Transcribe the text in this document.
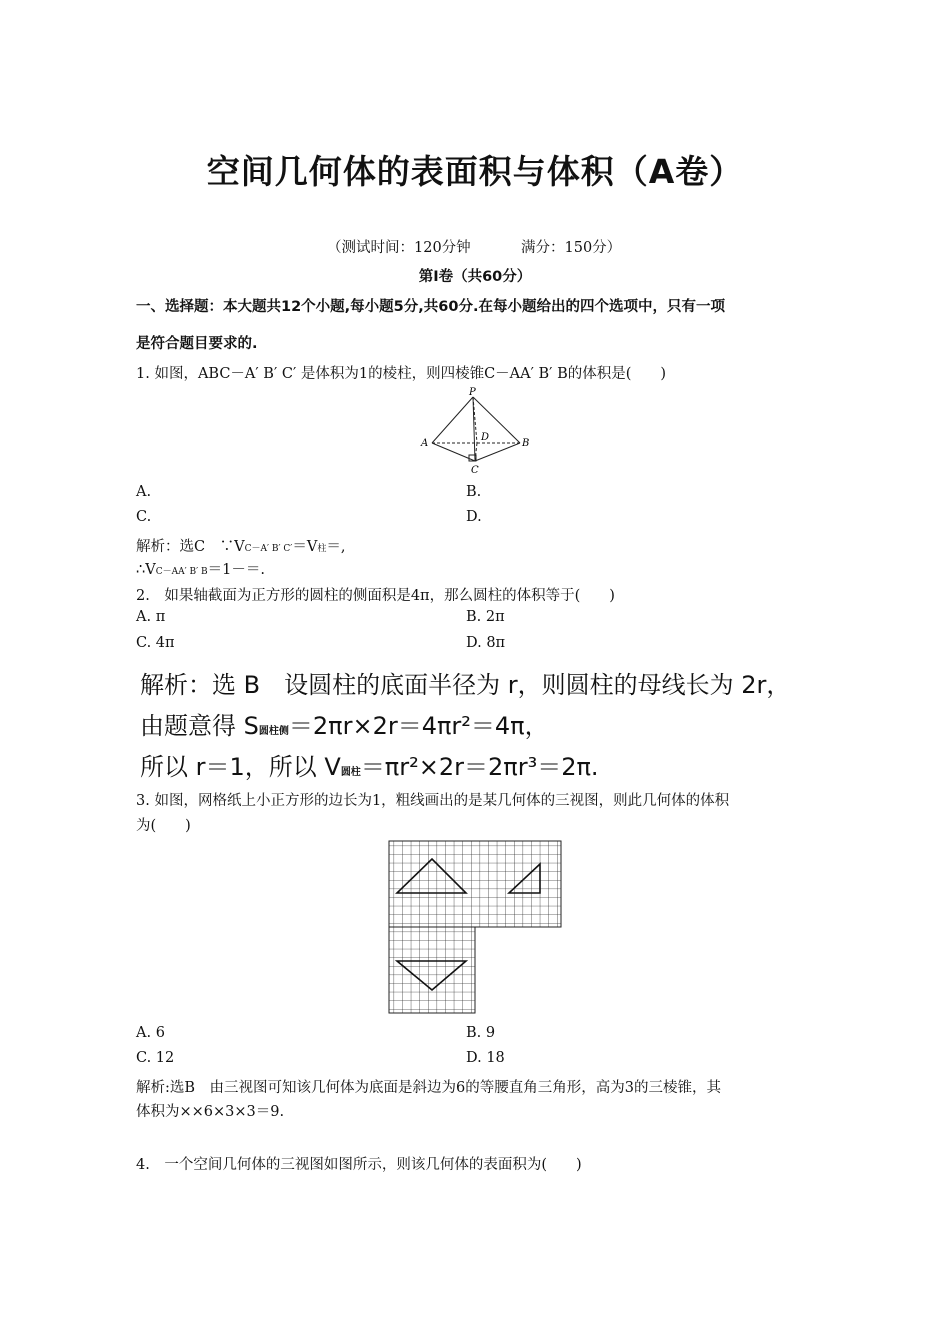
空间几何体的表面积与体积（A卷）
（测试时间：120分钟	满分：150分）
第Ⅰ卷（共60分）
一、选择题：本大题共12个小题,每小题5分,共60分.在每小题给出的四个选项中，只有一项
是符合题目要求的.
1. 如图，ABC－A′ B′ C′ 是体积为1的棱柱，则四棱锥C－AA′ B′ B的体积是(　　)
P
A	B
C
D
A.	B.
C.	D.
解析：选C　∵VC－A′ B′ C′＝V柱＝,
∴VC－AA′ B′ B＝1－＝.
2.　如果轴截面为正方形的圆柱的侧面积是4π，那么圆柱的体积等于(　　)
A. π	B. 2π
C. 4π	D. 8π
解析：选 B　设圆柱的底面半径为 r，则圆柱的母线长为 2r，
由题意得 S圆柱侧＝2πr×2r＝4πr²＝4π，
所以 r＝1，所以 V圆柱＝πr²×2r＝2πr³＝2π.
3. 如图，网格纸上小正方形的边长为1，粗线画出的是某几何体的三视图，则此几何体的体积
为(　　)
A. 6	B. 9
C. 12	D. 18
解析:选B　由三视图可知该几何体为底面是斜边为6的等腰直角三角形，高为3的三棱锥，其
体积为××6×3×3＝9.
4.　一个空间几何体的三视图如图所示，则该几何体的表面积为(　　)
